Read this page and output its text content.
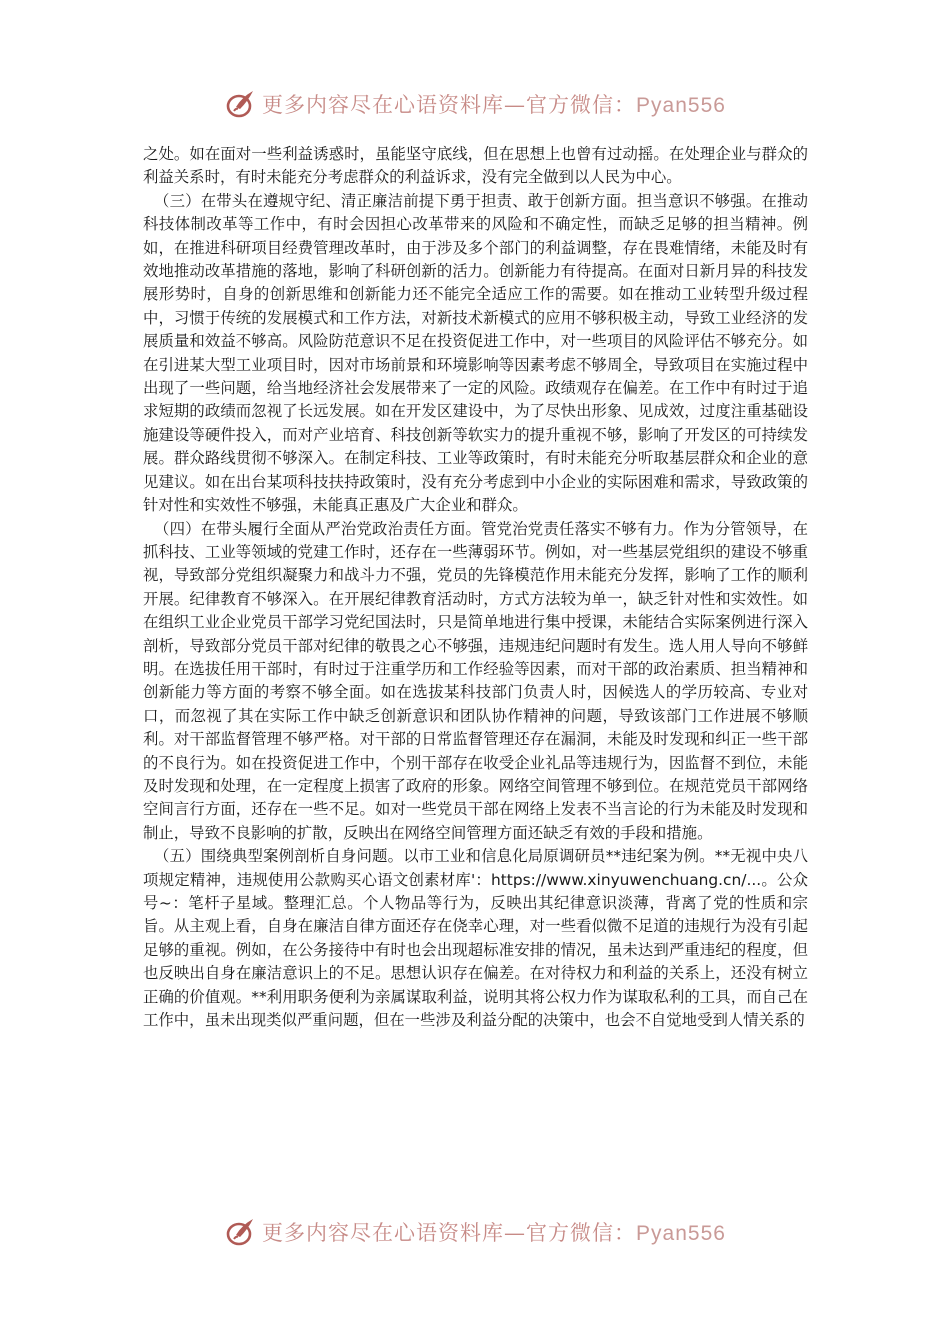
更多内容尽在心语资料库—官方微信：Pyan556

之处。如在面对一些利益诱惑时，虽能坚守底线，但在思想上也曾有过动摇。在处理企业与群众的利益关系时，有时未能充分考虑群众的利益诉求，没有完全做到以人民为中心。

（三）在带头在遵规守纪、清正廉洁前提下勇于担责、敢于创新方面。担当意识不够强。在推动科技体制改革等工作中，有时会因担心改革带来的风险和不确定性，而缺乏足够的担当精神。例如，在推进科研项目经费管理改革时，由于涉及多个部门的利益调整，存在畏难情绪，未能及时有效地推动改革措施的落地，影响了科研创新的活力。创新能力有待提高。在面对日新月异的科技发展形势时，自身的创新思维和创新能力还不能完全适应工作的需要。如在推动工业转型升级过程中，习惯于传统的发展模式和工作方法，对新技术新模式的应用不够积极主动，导致工业经济的发展质量和效益不够高。风险防范意识不足在投资促进工作中，对一些项目的风险评估不够充分。如在引进某大型工业项目时，因对市场前景和环境影响等因素考虑不够周全，导致项目在实施过程中出现了一些问题，给当地经济社会发展带来了一定的风险。政绩观存在偏差。在工作中有时过于追求短期的政绩而忽视了长远发展。如在开发区建设中，为了尽快出形象、见成效，过度注重基础设施建设等硬件投入，而对产业培育、科技创新等软实力的提升重视不够，影响了开发区的可持续发展。群众路线贯彻不够深入。在制定科技、工业等政策时，有时未能充分听取基层群众和企业的意见建议。如在出台某项科技扶持政策时，没有充分考虑到中小企业的实际困难和需求，导致政策的针对性和实效性不够强，未能真正惠及广大企业和群众。

（四）在带头履行全面从严治党政治责任方面。管党治党责任落实不够有力。作为分管领导，在抓科技、工业等领域的党建工作时，还存在一些薄弱环节。例如，对一些基层党组织的建设不够重视，导致部分党组织凝聚力和战斗力不强，党员的先锋模范作用未能充分发挥，影响了工作的顺利开展。纪律教育不够深入。在开展纪律教育活动时，方式方法较为单一，缺乏针对性和实效性。如在组织工业企业党员干部学习党纪国法时，只是简单地进行集中授课，未能结合实际案例进行深入剖析，导致部分党员干部对纪律的敬畏之心不够强，违规违纪问题时有发生。选人用人导向不够鲜明。在选拔任用干部时，有时过于注重学历和工作经验等因素，而对干部的政治素质、担当精神和创新能力等方面的考察不够全面。如在选拔某科技部门负责人时，因候选人的学历较高、专业对口，而忽视了其在实际工作中缺乏创新意识和团队协作精神的问题，导致该部门工作进展不够顺利。对干部监督管理不够严格。对干部的日常监督管理还存在漏洞，未能及时发现和纠正一些干部的不良行为。如在投资促进工作中，个别干部存在收受企业礼品等违规行为，因监督不到位，未能及时发现和处理，在一定程度上损害了政府的形象。网络空间管理不够到位。在规范党员干部网络空间言行方面，还存在一些不足。如对一些党员干部在网络上发表不当言论的行为未能及时发现和制止，导致不良影响的扩散，反映出在网络空间管理方面还缺乏有效的手段和措施。

（五）围绕典型案例剖析自身问题。以市工业和信息化局原调研员**违纪案为例。**无视中央八项规定精神，违规使用公款购买心语文创素材库'：https://www.xinyuwenchuang.cn/...。公众号~：笔杆子星域。整理汇总。个人物品等行为，反映出其纪律意识淡薄，背离了党的性质和宗旨。从主观上看，自身在廉洁自律方面还存在侥幸心理，对一些看似微不足道的违规行为没有引起足够的重视。例如，在公务接待中有时也会出现超标准安排的情况，虽未达到严重违纪的程度，但也反映出自身在廉洁意识上的不足。思想认识存在偏差。在对待权力和利益的关系上，还没有树立正确的价值观。**利用职务便利为亲属谋取利益，说明其将公权力作为谋取私利的工具，而自己在工作中，虽未出现类似严重问题，但在一些涉及利益分配的决策中，也会不自觉地受到人情关系的

更多内容尽在心语资料库—官方微信：Pyan556
